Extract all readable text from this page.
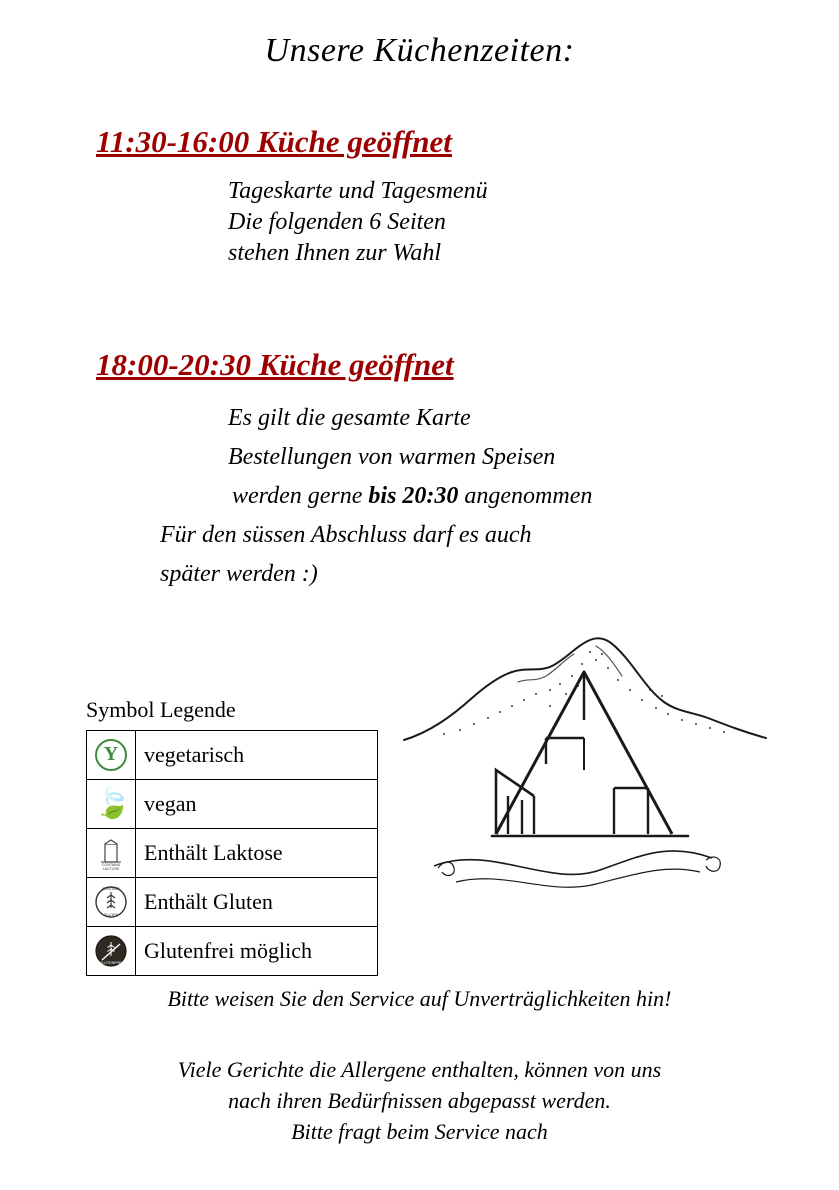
Unsere Küchenzeiten:
11:30-16:00 Küche geöffnet
Tageskarte und Tagesmenü
Die folgenden 6 Seiten
stehen Ihnen zur Wahl
18:00-20:30 Küche geöffnet
Es gilt die gesamte Karte
Bestellungen von warmen Speisen
werden gerne bis 20:30 angenommen
Für den süssen Abschluss darf es auch
später werden :)
Symbol Legende
Y	vegetarisch
🍃	vegan

CONTAINS
LACTOSE	Enthält Laktose

CONTAINS
GLUTEN	Enthält Gluten

GLUTENFREI	Glutenfrei möglich
Bitte weisen Sie den Service auf Unverträglichkeiten hin!
Viele Gerichte die Allergene enthalten, können von uns
nach ihren Bedürfnissen abgepasst werden.
Bitte fragt beim Service nach
